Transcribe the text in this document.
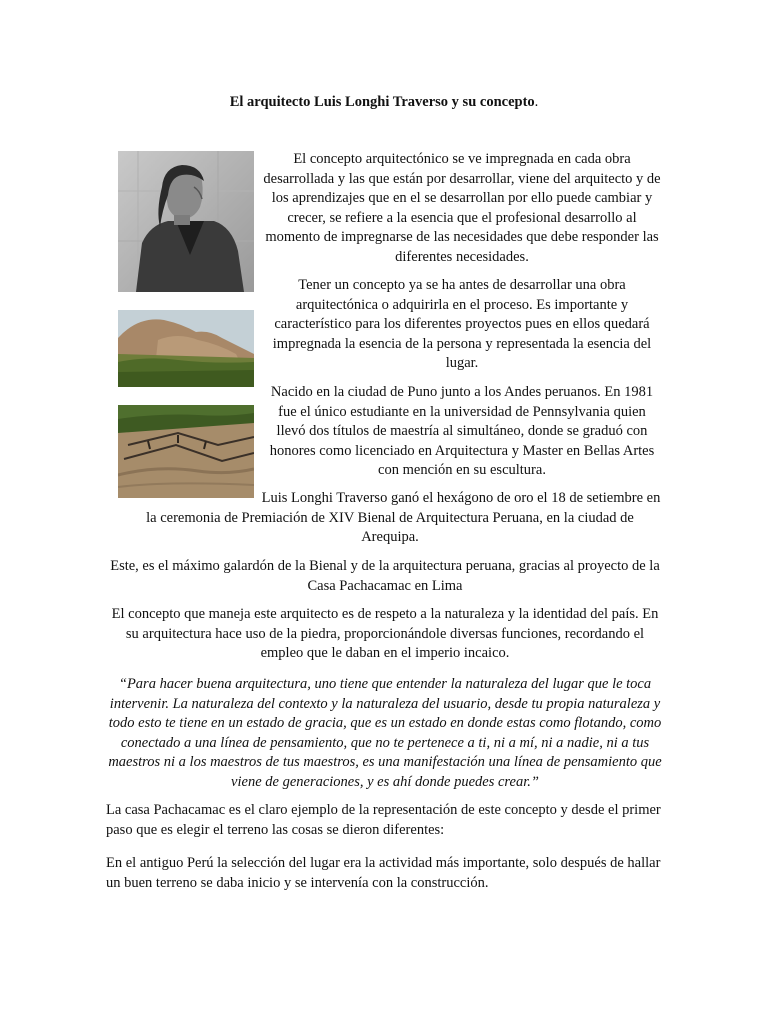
El arquitecto Luis Longhi Traverso y su concepto.

El concepto arquitectónico se ve impregnada en cada obra desarrollada y las que están por desarrollar, viene del arquitecto y de los aprendizajes que en el se desarrollan por ello puede cambiar y crecer, se refiere a la esencia que el profesional desarrollo al momento de impregnarse de las necesidades que debe responder las diferentes necesidades.

Tener un concepto ya se ha antes de desarrollar una obra arquitectónica o adquirirla en el proceso. Es importante y característico para los diferentes proyectos pues en ellos quedará impregnada la esencia de la persona y representada la esencia del lugar.

Nacido en la ciudad de Puno junto a los Andes peruanos. En 1981 fue el único estudiante en la universidad de Pennsylvania quien llevó dos títulos de maestría al simultáneo, donde se graduó con honores como licenciado en Arquitectura y Master en Bellas Artes con mención en su escultura.

Luis Longhi Traverso ganó el hexágono de oro el 18 de setiembre en la ceremonia de Premiación de XIV Bienal de Arquitectura Peruana, en la ciudad de Arequipa.

Este, es el máximo galardón de la Bienal y de la arquitectura peruana, gracias al proyecto de la Casa Pachacamac en Lima

El concepto que maneja este arquitecto es de respeto a la naturaleza y la identidad del país. En su arquitectura hace uso de la piedra, proporcionándole diversas funciones, recordando el empleo que le daban en el imperio incaico.

“Para hacer buena arquitectura, uno tiene que entender la naturaleza del lugar que le toca intervenir. La naturaleza del contexto y la naturaleza del usuario, desde tu propia naturaleza y todo esto te tiene en un estado de gracia, que es un estado en donde estas como flotando, como conectado a una línea de pensamiento, que no te pertenece a ti, ni a mí, ni a nadie, ni a tus maestros ni a los maestros de tus maestros, es una manifestación una línea de pensamiento que viene de generaciones, y es ahí donde puedes crear.”

La casa Pachacamac es el claro ejemplo de la representación de este concepto y desde el primer paso que es elegir el terreno las cosas se dieron diferentes:

En el antiguo Perú la selección del lugar era la actividad más importante, solo después de hallar un buen terreno se daba inicio y se intervenía con la construcción.
